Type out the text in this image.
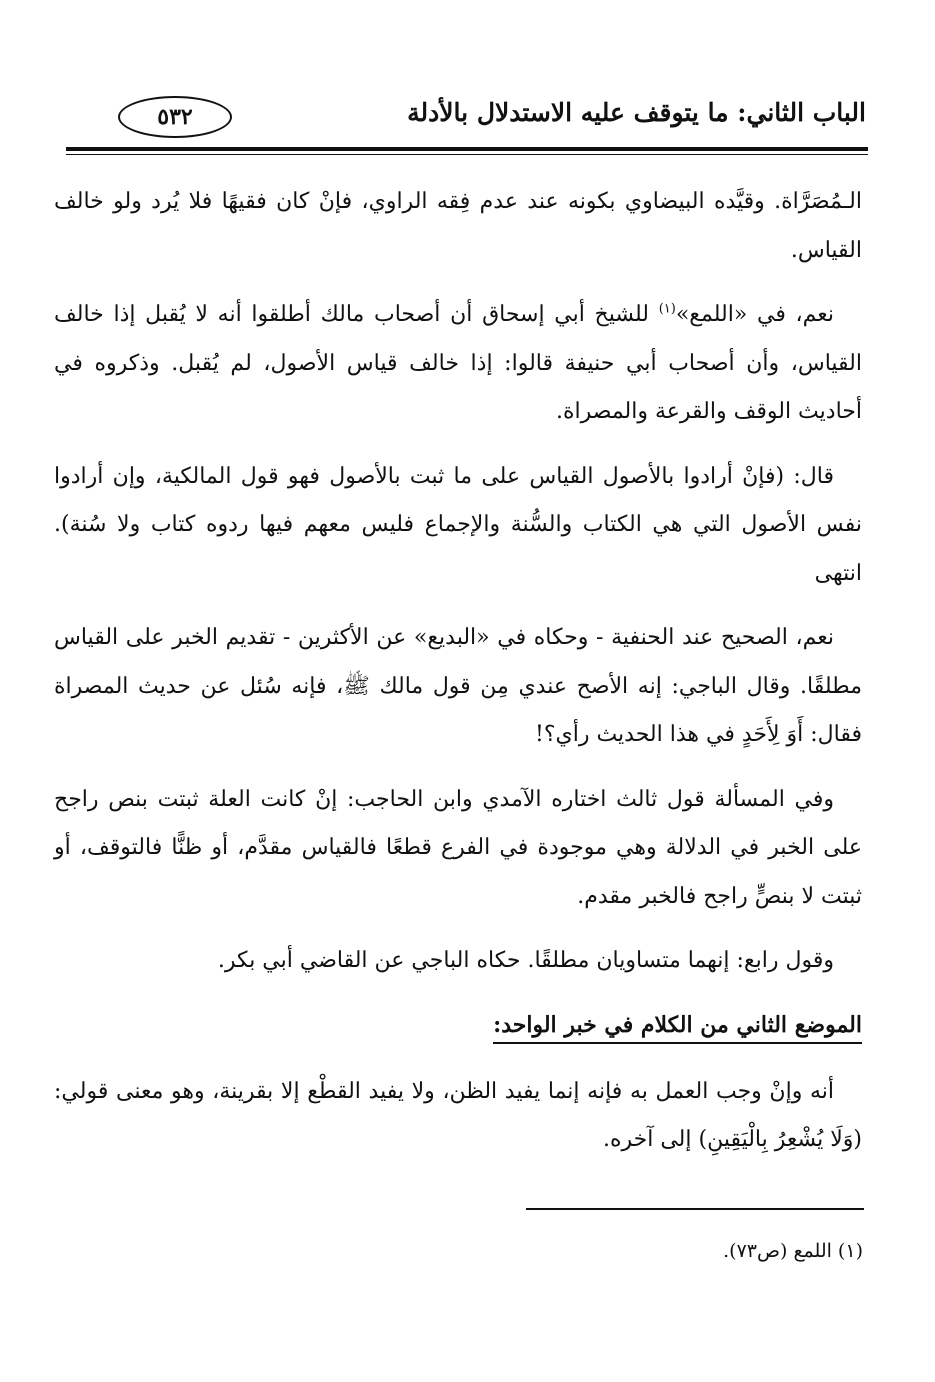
الباب الثاني: ما يتوقف عليه الاستدلال بالأدلة
٥٣٢

الـمُصَرَّاة. وقيَّده البيضاوي بكونه عند عدم فِقه الراوي، فإنْ كان فقيهًا فلا يُرد ولو خالف القياس.

نعم، في «اللمع»$^{(١)}$ للشيخ أبي إسحاق أن أصحاب مالك أطلقوا أنه لا يُقبل إذا خالف القياس، وأن أصحاب أبي حنيفة قالوا: إذا خالف قياس الأصول، لم يُقبل. وذكروه في أحاديث الوقف والقرعة والمصراة.

قال: (فإنْ أرادوا بالأصول القياس على ما ثبت بالأصول فهو قول المالكية، وإن أرادوا نفس الأصول التي هي الكتاب والسُّنة والإجماع فليس معهم فيها ردوه كتاب ولا سُنة). انتهى

نعم، الصحيح عند الحنفية - وحكاه في «البديع» عن الأكثرين - تقديم الخبر على القياس مطلقًا. وقال الباجي: إنه الأصح عندي مِن قول مالك ﷺ، فإنه سُئل عن حديث المصراة فقال: أَوَ لِأَحَدٍ في هذا الحديث رأي؟!

وفي المسألة قول ثالث اختاره الآمدي وابن الحاجب: إنْ كانت العلة ثبتت بنص راجح على الخبر في الدلالة وهي موجودة في الفرع قطعًا فالقياس مقدَّم، أو ظنًّا فالتوقف، أو ثبتت لا بنصٍّ راجح فالخبر مقدم.

وقول رابع: إنهما متساويان مطلقًا. حكاه الباجي عن القاضي أبي بكر.

الموضع الثاني من الكلام في خبر الواحد:

أنه وإنْ وجب العمل به فإنه إنما يفيد الظن، ولا يفيد القطْع إلا بقرينة، وهو معنى قولي: (وَلَا يُشْعِرُ بِالْيَقِينِ) إلى آخره.

(١) اللمع (ص٧٣).
